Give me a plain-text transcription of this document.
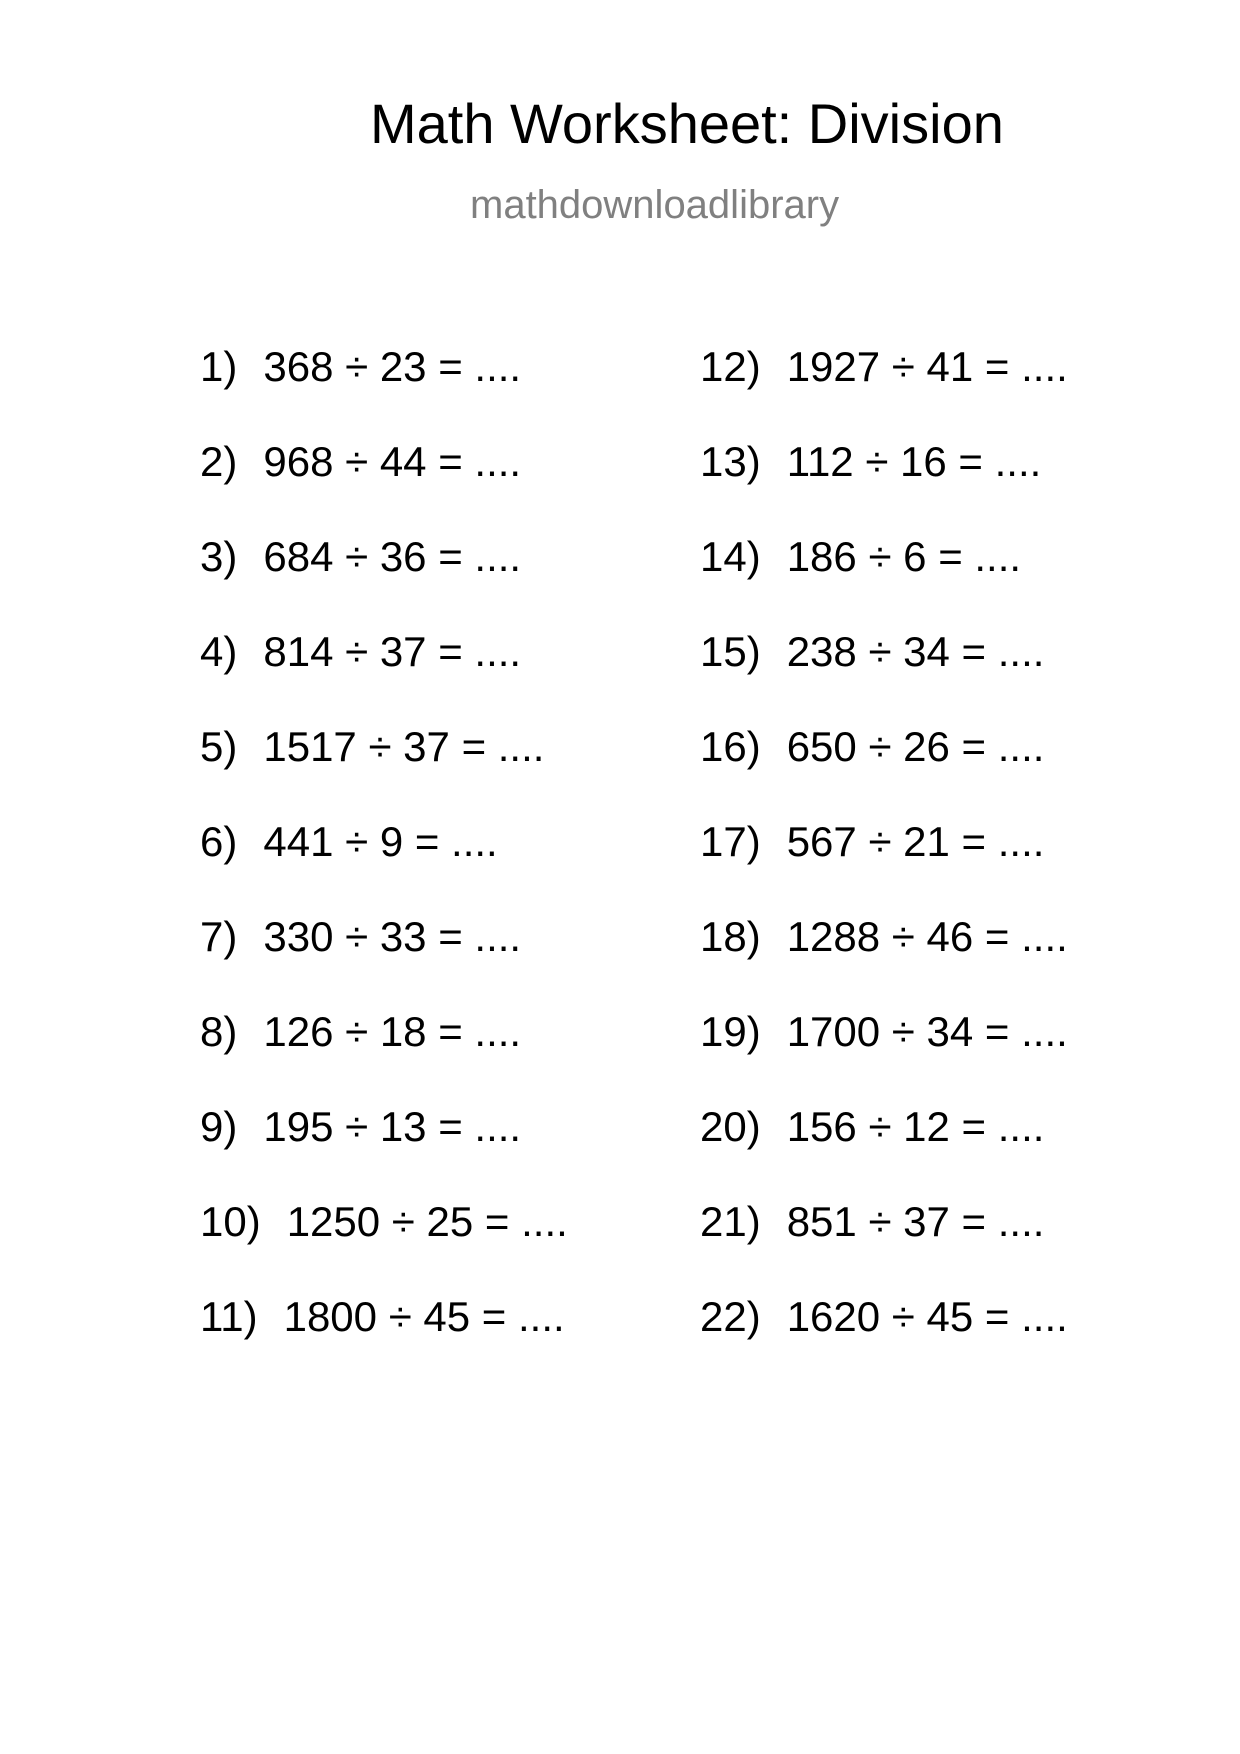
Math Worksheet: Division
mathdownloadlibrary
1) 368 ÷ 23 = ....
2) 968 ÷ 44 = ....
3) 684 ÷ 36 = ....
4) 814 ÷ 37 = ....
5) 1517 ÷ 37 = ....
6) 441 ÷ 9 = ....
7) 330 ÷ 33 = ....
8) 126 ÷ 18 = ....
9) 195 ÷ 13 = ....
10) 1250 ÷ 25 = ....
11) 1800 ÷ 45 = ....
12) 1927 ÷ 41 = ....
13) 112 ÷ 16 = ....
14) 186 ÷ 6 = ....
15) 238 ÷ 34 = ....
16) 650 ÷ 26 = ....
17) 567 ÷ 21 = ....
18) 1288 ÷ 46 = ....
19) 1700 ÷ 34 = ....
20) 156 ÷ 12 = ....
21) 851 ÷ 37 = ....
22) 1620 ÷ 45 = ....
